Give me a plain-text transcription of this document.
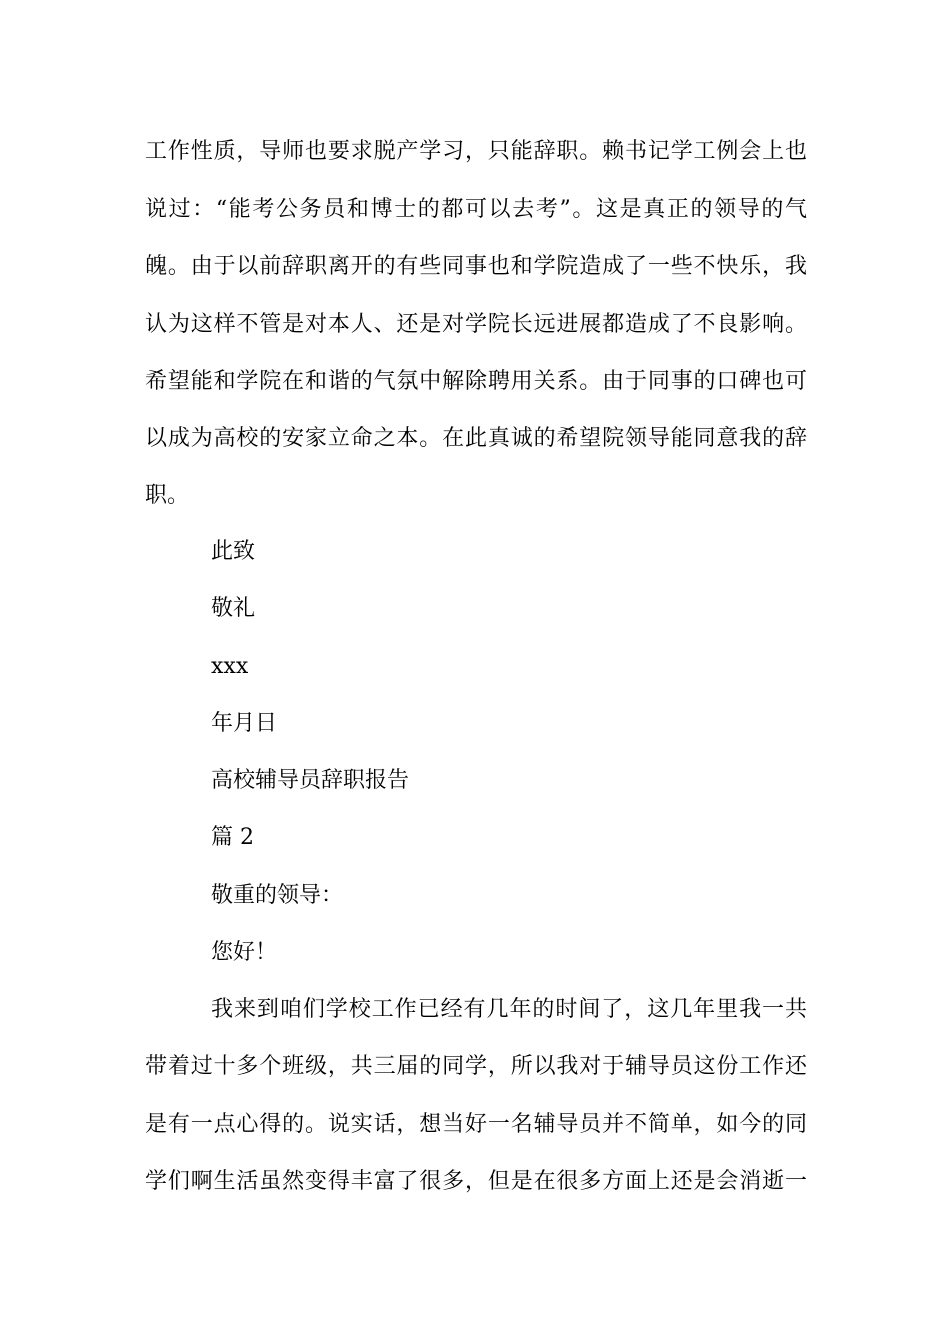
工作性质，导师也要求脱产学习，只能辞职。赖书记学工例会上也
说过：“能考公务员和博士的都可以去考”。这是真正的领导的气
魄。由于以前辞职离开的有些同事也和学院造成了一些不快乐，我
认为这样不管是对本人、还是对学院长远进展都造成了不良影响。
希望能和学院在和谐的气氛中解除聘用关系。由于同事的口碑也可
以成为高校的安家立命之本。在此真诚的希望院领导能同意我的辞
职。
此致
敬礼
xxx
年月日
高校辅导员辞职报告
篇 2
敬重的领导：
您好！
我来到咱们学校工作已经有几年的时间了，这几年里我一共
带着过十多个班级，共三届的同学，所以我对于辅导员这份工作还
是有一点心得的。说实话，想当好一名辅导员并不简单，如今的同
学们啊生活虽然变得丰富了很多，但是在很多方面上还是会消逝一
